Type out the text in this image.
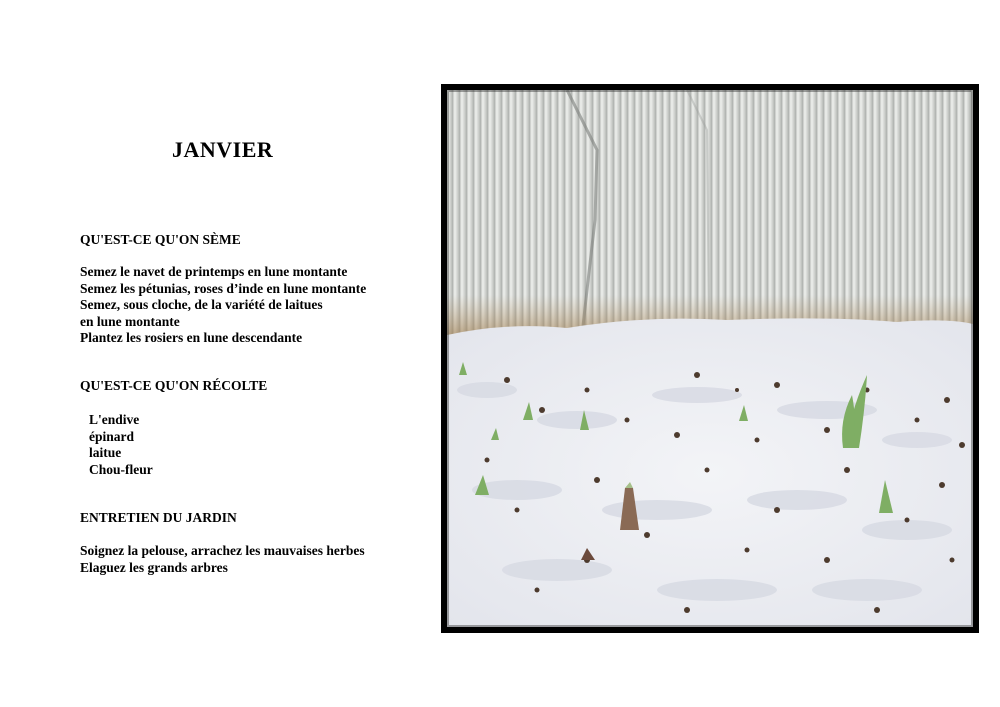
JANVIER
QU'EST-CE QU'ON SÈME
Semez le navet de printemps en lune montante
Semez les pétunias, roses d’inde en lune montante
Semez, sous cloche, de la variété de laitues
en lune montante
Plantez les rosiers en lune descendante
QU'EST-CE QU'ON RÉCOLTE
L'endive
épinard
laitue
Chou-fleur
ENTRETIEN DU JARDIN
Soignez la pelouse, arrachez les mauvaises herbes
Elaguez les grands arbres
